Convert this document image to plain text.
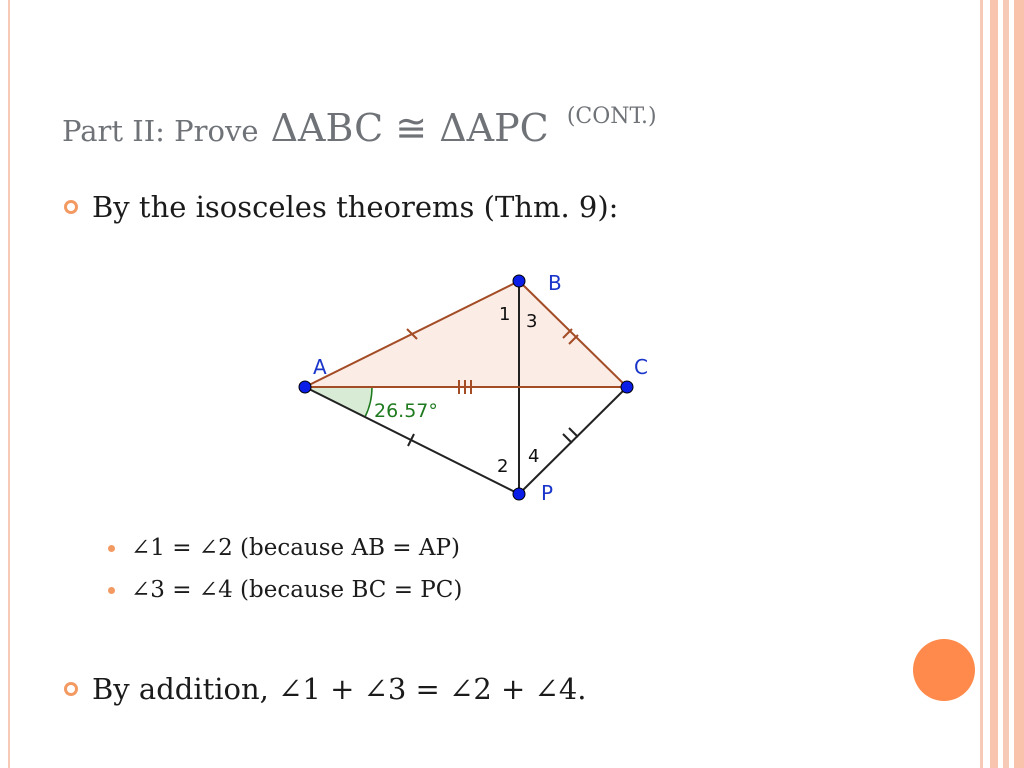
Part II: Prove ΔABC ≅ ΔAPC $^{(CONT.)}$
By the isosceles theorems (Thm. 9):
A
B
C
P
1 3
2 4
26.57°
∠1 = ∠2 (because AB = AP)
∠3 = ∠4 (because BC = PC)
By addition, ∠1 + ∠3 = ∠2 + ∠4.
